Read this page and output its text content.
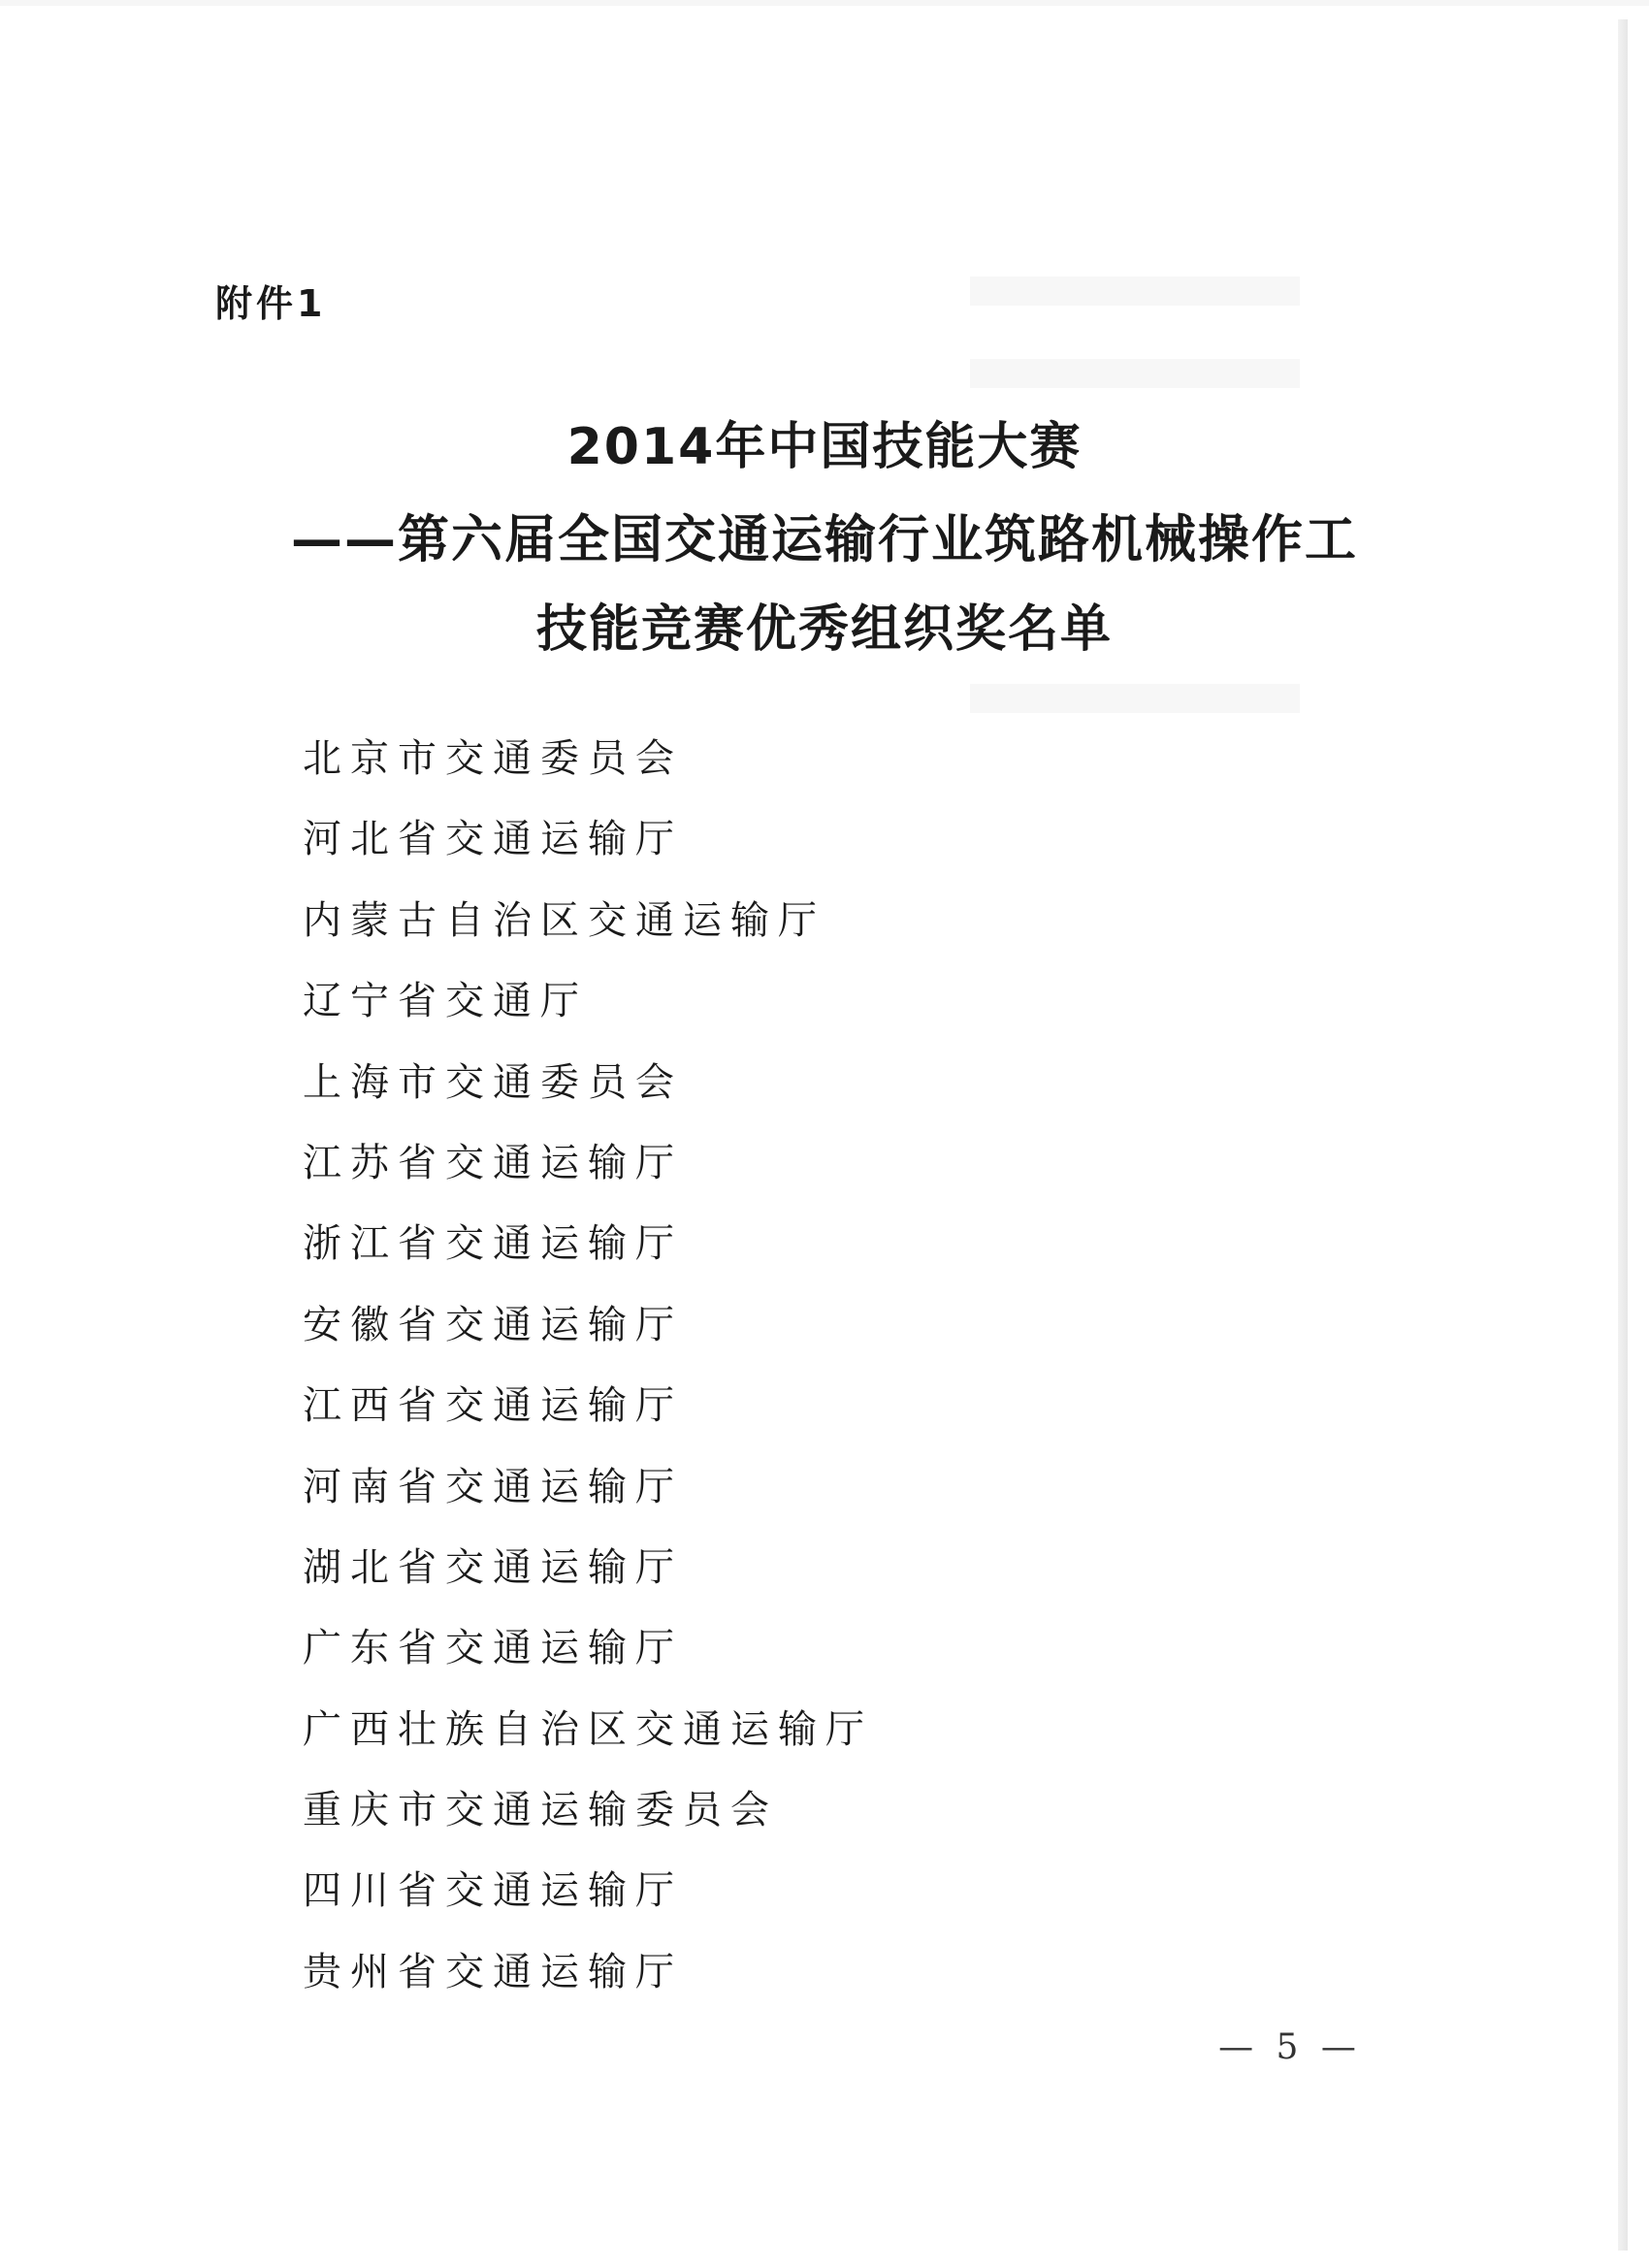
附件1
2014年中国技能大赛
——第六届全国交通运输行业筑路机械操作工
技能竞赛优秀组织奖名单
北京市交通委员会
河北省交通运输厅
内蒙古自治区交通运输厅
辽宁省交通厅
上海市交通委员会
江苏省交通运输厅
浙江省交通运输厅
安徽省交通运输厅
江西省交通运输厅
河南省交通运输厅
湖北省交通运输厅
广东省交通运输厅
广西壮族自治区交通运输厅
重庆市交通运输委员会
四川省交通运输厅
贵州省交通运输厅
— 5 —
